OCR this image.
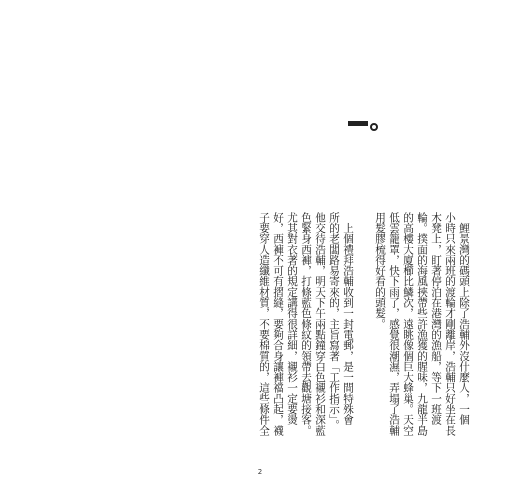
　鯉景灣的碼頭上除了浩輔外沒什麼人，一個
小時只來兩班的渡輪才剛離岸，浩輔只好坐在長
木凳上，盯著停泊在港灣的漁船，等下一班渡
輪。撲面的海風挾帶些許漁獲的腥味，九龍半島
的高樓大廈櫛比鱗次，遠眺像個巨大蜂巢。天空
低雲籠罩，快下雨了，感覺很潮濕，弄塌了浩輔
用髮膠梳得好看的頭髮。
　上個禮拜浩輔收到一封電郵，是一間特殊會
所的老闆路易寄來的，主旨寫著「工作指示」。
他交待浩輔，明天下午兩點鐘穿白色襯衫和深藍
色緊身西褲，打條藍色條紋的領帶去觀塘接客。
尤其對衣著的規定講得很詳細，襯衫一定要燙
好，西褲不可有摺縫，要夠合身讓褲襠凸起，襪
子要穿人造纖維材質，不要棉質的，這些條件全
2
